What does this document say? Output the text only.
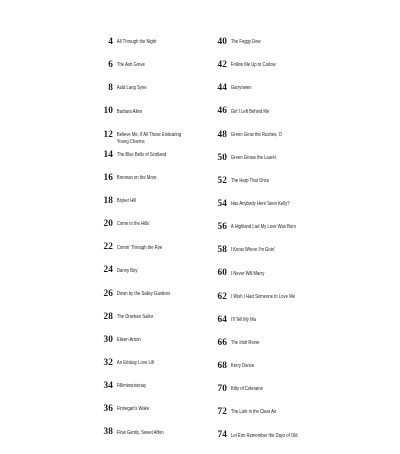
4 All Through the Night
6 The Ash Grove
8 Auld Lang Syne
10 Barbara Allen
12 Believe Me, If All Those Endearing
Young Charms
14 The Blue Bells of Scotland
16 Brennan on the Moor
18 Bryker Hill
20 Come to the Hills
22 Comin' Through the Rye
24 Danny Boy
26 Down by the Salley Gardens
28 The Drunken Sailor
30 Eileen Aroon
32 An Eriskay Love Lilt
34 Fillimiooriooriay
36 Finnegan's Wake
38 Flow Gently, Sweet Afton
40 The Foggy Dew
42 Follow Me Up to Carlow
44 Garryowen
46 Girl I Left Behind Me
48 Green Grow the Rushes, O
50 Green Grows the Laurel
52 The Harp That Once
54 Has Anybody Here Seen Kelly?
56 A Highland Lad My Love Was Born
58 I Know Where I'm Goin'
60 I Never Will Marry
62 I Wish I Had Someone to Love Me
64 I'll Tell My Ma
66 The Irish Rover
68 Kerry Dance
70 Kitty of Coleraine
72 The Lark in the Clear Air
74 Let Erin Remember the Days of Old
